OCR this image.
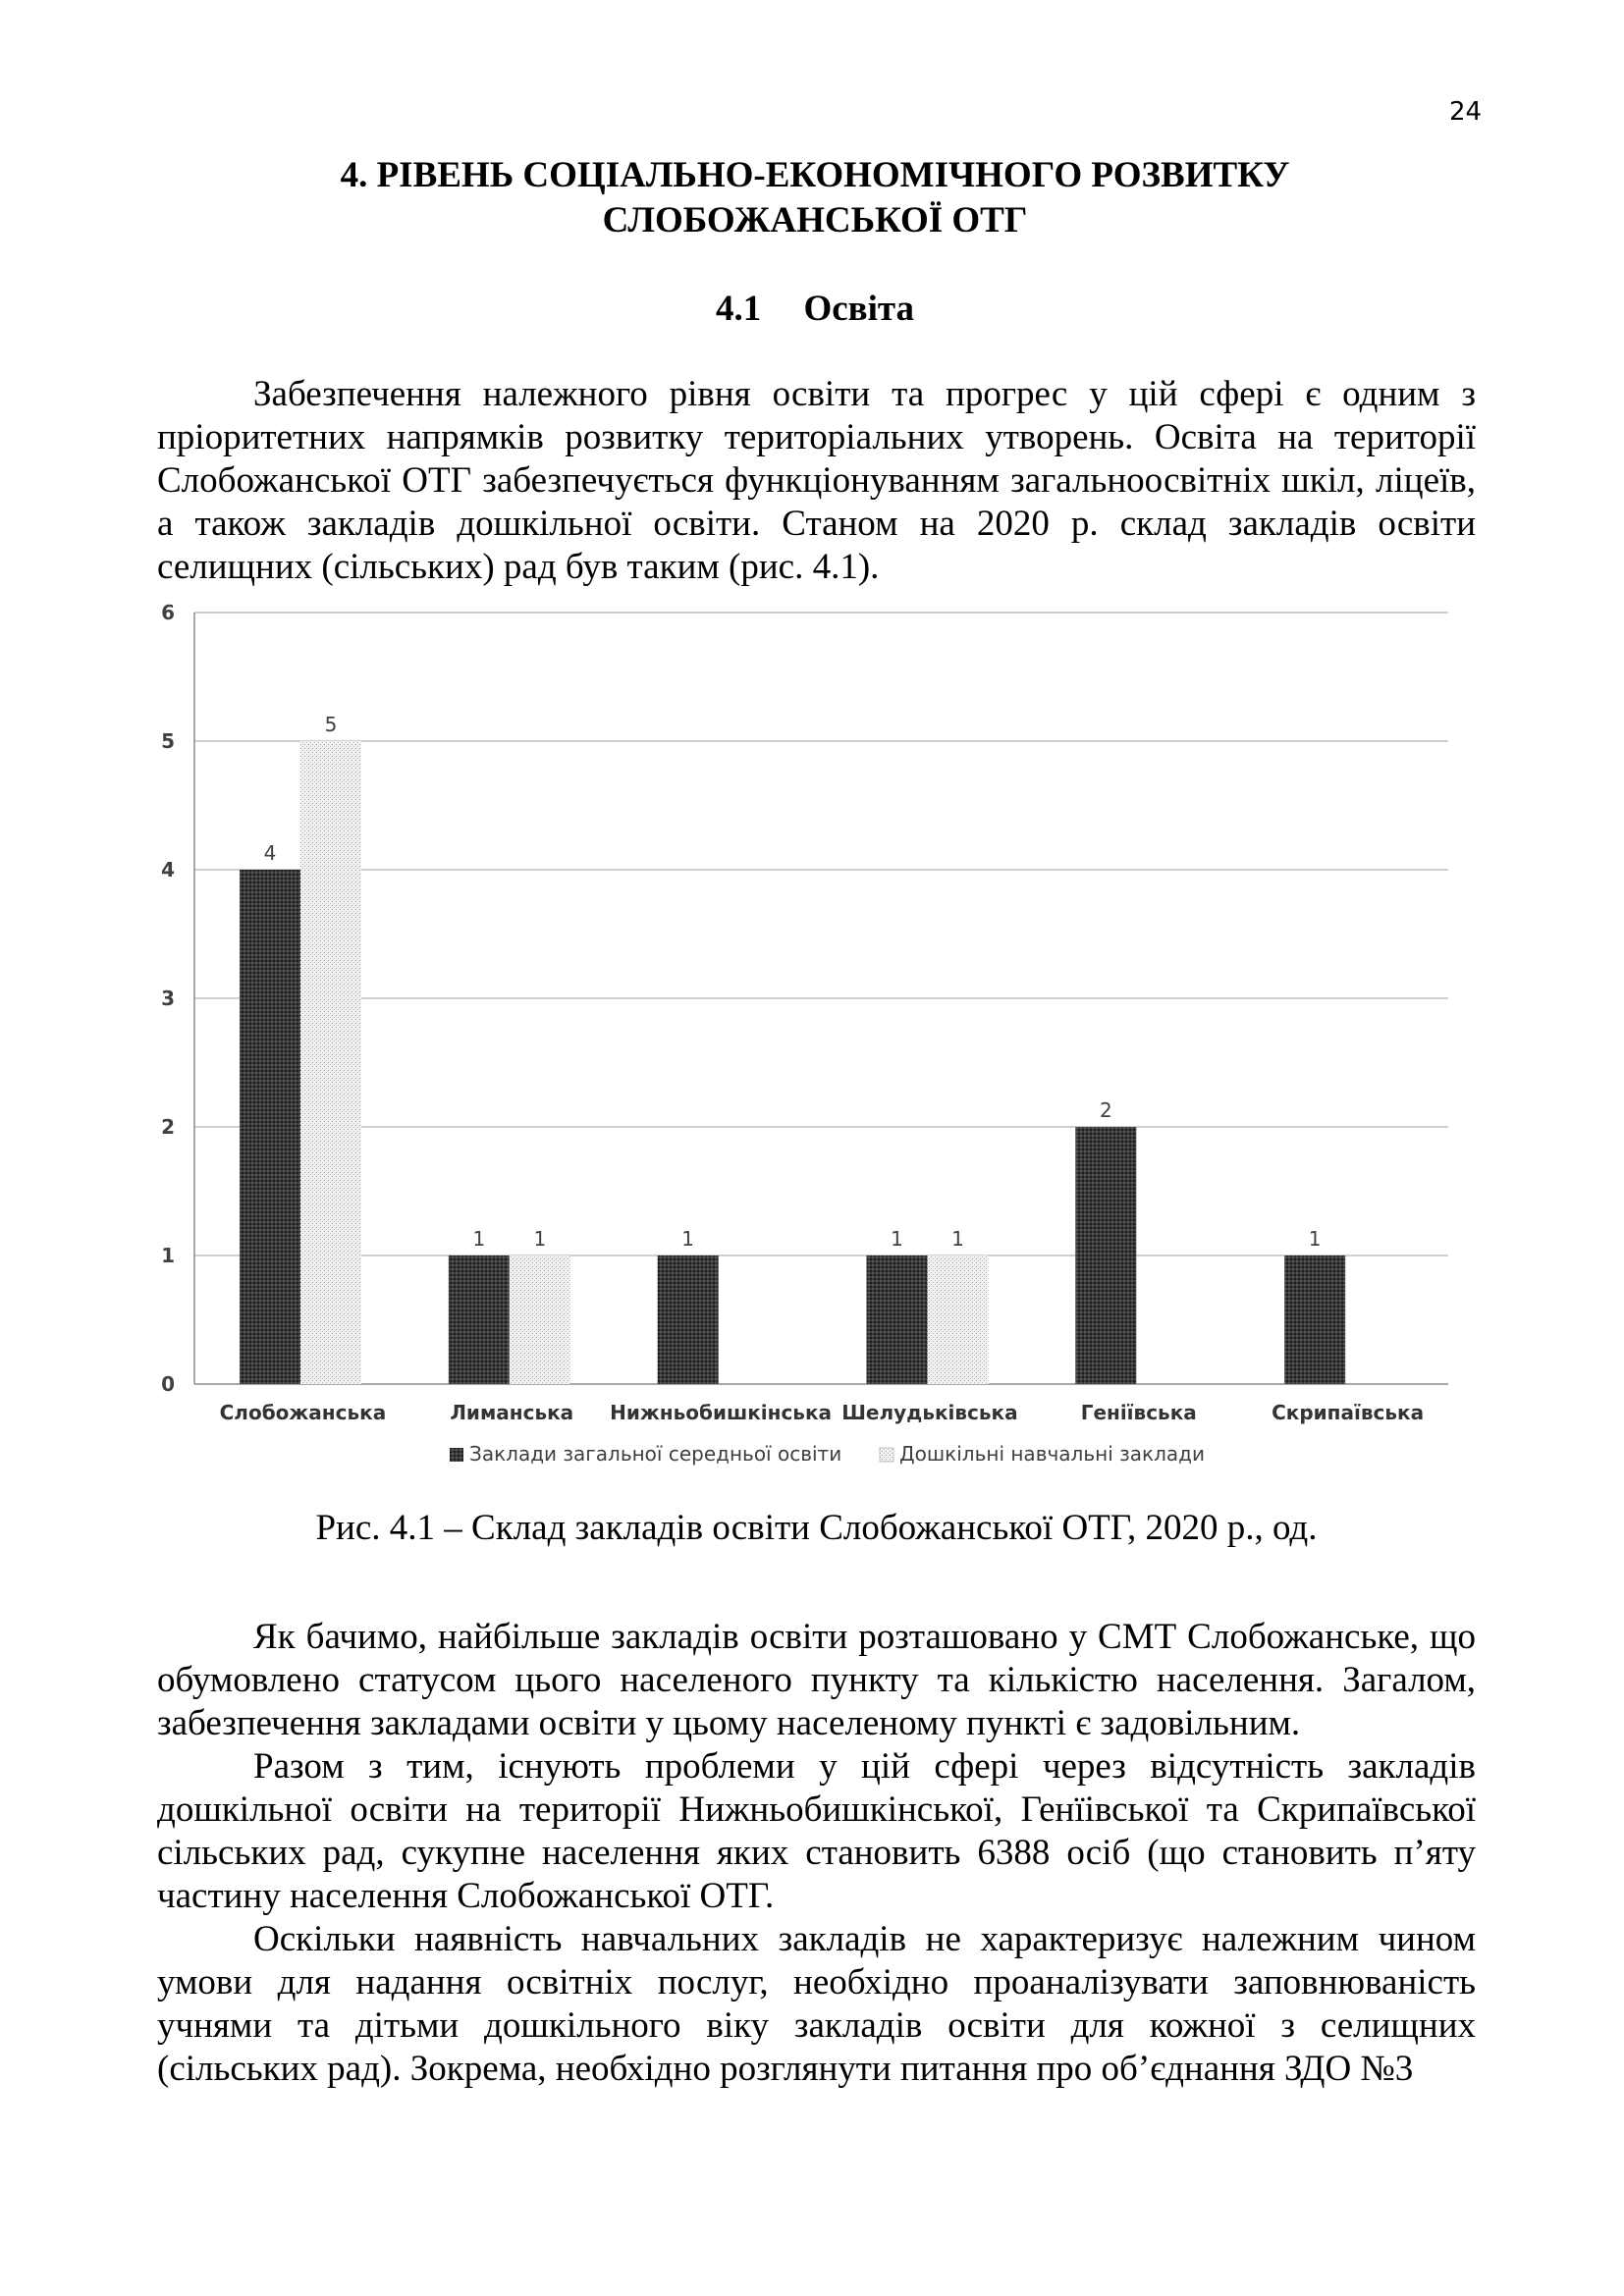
24
4. РІВЕНЬ СОЦІАЛЬНО-ЕКОНОМІЧНОГО РОЗВИТКУ
СЛОБОЖАНСЬКОЇ ОТГ
4.1 Освіта

Забезпечення належного рівня освіти та прогрес у цій сфері є одним з пріоритетних напрямків розвитку територіальних утворень. Освіта на території Слобожанської ОТГ забезпечується функціонуванням загальноосвітніх шкіл, ліцеїв, а також закладів дошкільної освіти. Станом на 2020 р. склад закладів освіти селищних (сільських) рад був таким (рис. 4.1).

0
1
2
3
4
5
6
4
5
1 1	1	1 1
2
1
Слобожанська	Лиманська Нижньобишкінська Шелудьківська	Геніївська	Скрипаївська
Заклади загальної середньої освіти	Дошкільні навчальні заклади
Рис. 4.1 – Склад закладів освіти Слобожанської ОТГ, 2020 р., од.

Як бачимо, найбільше закладів освіти розташовано у СМТ Слобожанське, що обумовлено статусом цього населеного пункту та кількістю населення. Загалом, забезпечення закладами освіти у цьому населеному пункті є задовільним.

Разом з тим, існують проблеми у цій сфері через відсутність закладів дошкільної освіти на території Нижньобишкінської, Генїівської та Скрипаївської сільських рад, сукупне населення яких становить 6388 осіб (що становить п’яту частину населення Слобожанської ОТГ.

Оскільки наявність навчальних закладів не характеризує належним чином умови для надання освітніх послуг, необхідно проаналізувати заповнюваність учнями та дітьми дошкільного віку закладів освіти для кожної з селищних (сільських рад). Зокрема, необхідно розглянути питання про об’єднання ЗДО №3
